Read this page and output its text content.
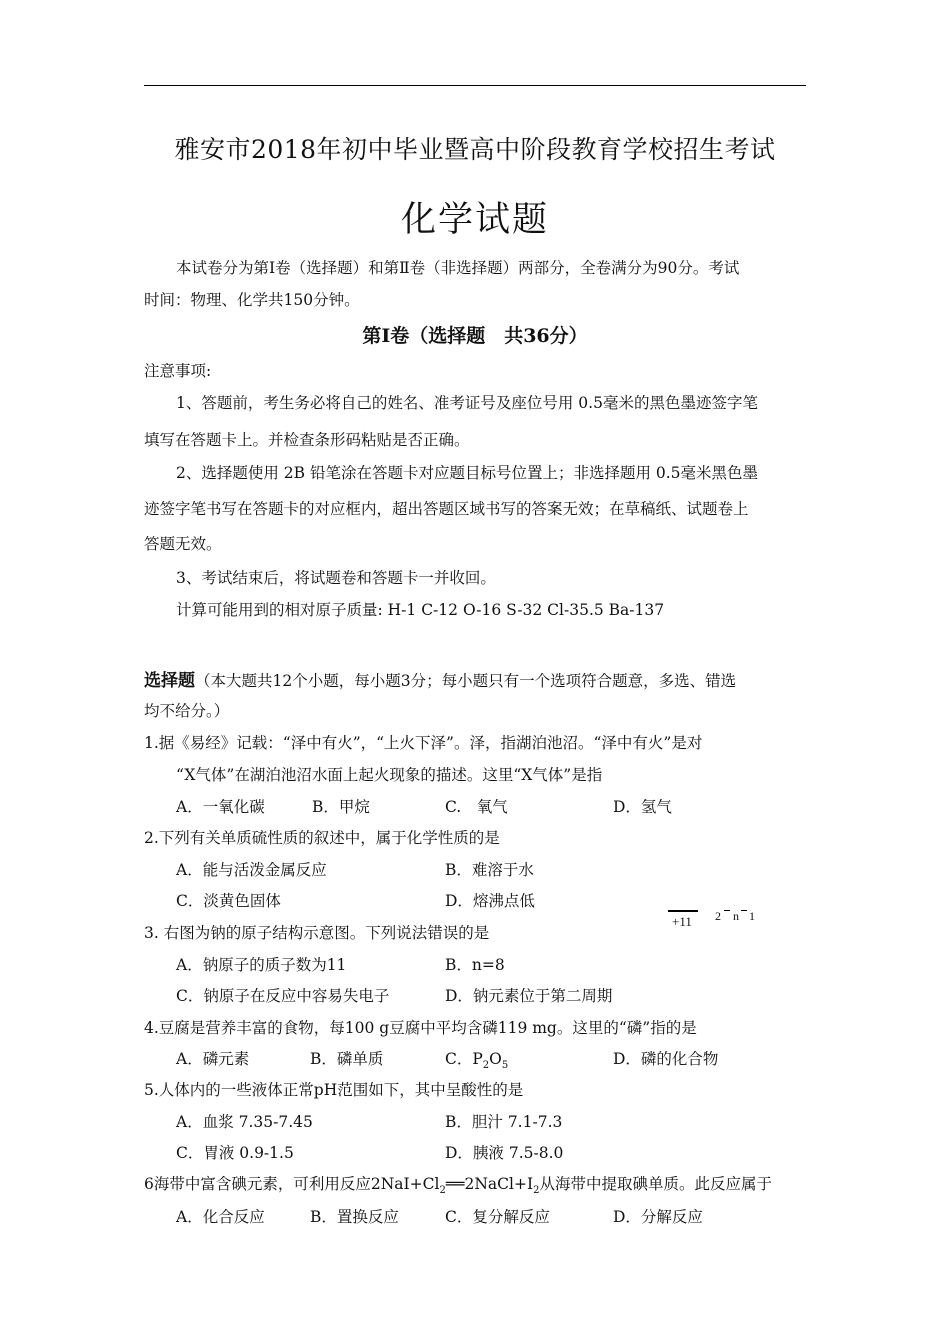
雅安市2018年初中毕业暨高中阶段教育学校招生考试
化学试题
本试卷分为第Ⅰ卷（选择题）和第Ⅱ卷（非选择题）两部分，全卷满分为90分。考试
时间：物理、化学共150分钟。
第Ⅰ卷（选择题　共36分）
注意事项:
1、答题前，考生务必将自己的姓名、准考证号及座位号用 0.5毫米的黑色墨迹签字笔
填写在答题卡上。并检查条形码粘贴是否正确。
2、选择题使用 2B 铅笔涂在答题卡对应题目标号位置上；非选择题用 0.5毫米黑色墨
迹签字笔书写在答题卡的对应框内，超出答题区域书写的答案无效；在草稿纸、试题卷上
答题无效。
3、考试结束后，将试题卷和答题卡一并收回。
计算可能用到的相对原子质量: H-1 C-12 O-16 S-32 Cl-35.5 Ba-137
选择题（本大题共12个小题，每小题3分；每小题只有一个选项符合题意，多选、错选
均不给分。）
1.据《易经》记载：“泽中有火”，“上火下泽”。泽，指湖泊池沼。“泽中有火”是对
“X气体”在湖泊池沼水面上起火现象的描述。这里“X气体”是指
A．一氧化碳	B．甲烷	C.　氧气	D．氢气
2.下列有关单质硫性质的叙述中，属于化学性质的是
A．能与活泼金属反应	B．难溶于水
C．淡黄色固体	D．熔沸点低
+11 2 n 1
3. 右图为钠的原子结构示意图。下列说法错误的是
A．钠原子的质子数为11	B．n=8
C．钠原子在反应中容易失电子	D．钠元素位于第二周期
4.豆腐是营养丰富的食物，每100 g豆腐中平均含磷119 mg。这里的“磷”指的是
A．磷元素	B．磷单质	C．$P_2O_5$	D．磷的化合物
5.人体内的一些液体正常pH范围如下，其中呈酸性的是
A．血浆 7.35-7.45	B．胆汁 7.1-7.3
C．胃液 0.9-1.5	D．胰液 7.5-8.0
6海带中富含碘元素，可利用反应$2NaI+Cl_2══2NaCl+I_2$从海带中提取碘单质。此反应属于
A．化合反应	B．置换反应	C．复分解反应	D．分解反应
